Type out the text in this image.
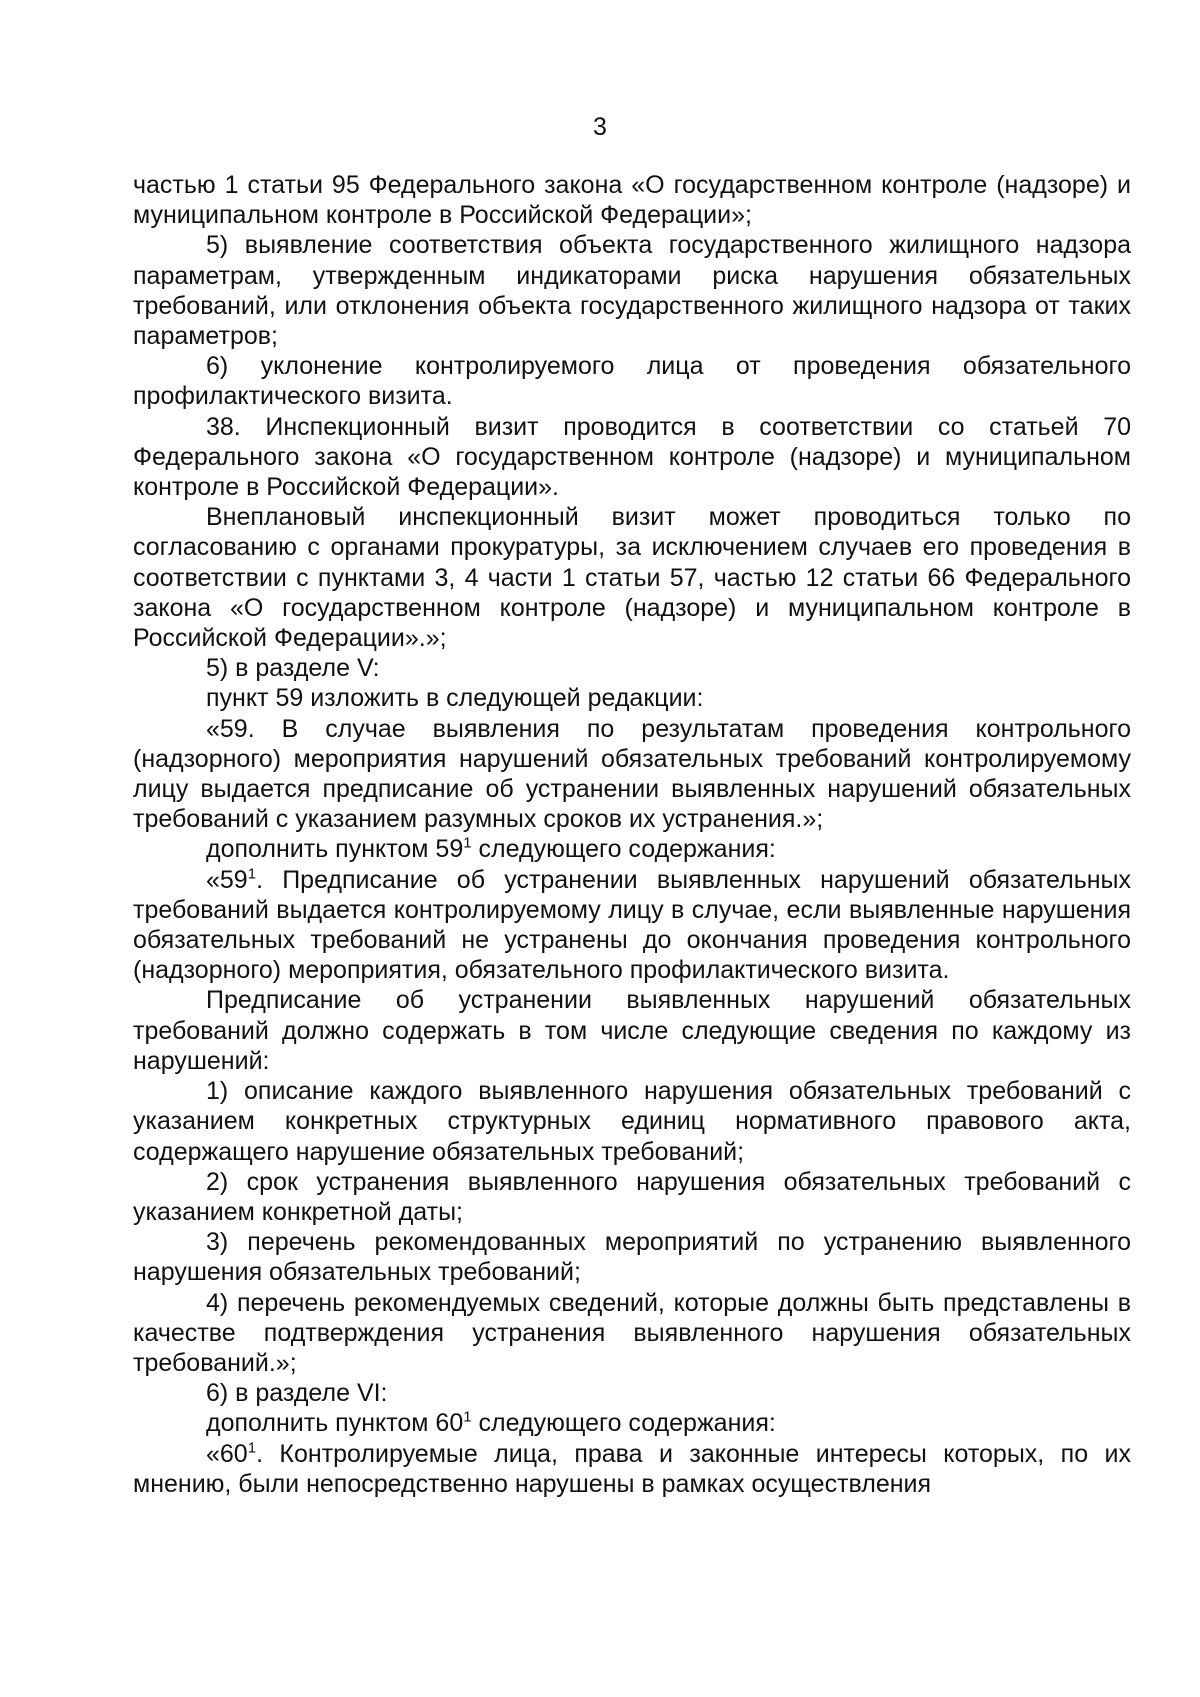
3

частью 1 статьи 95 Федерального закона «О государственном контроле (надзоре) и муниципальном контроле в Российской Федерации»;

5) выявление соответствия объекта государственного жилищного надзора параметрам, утвержденным индикаторами риска нарушения обязательных требований, или отклонения объекта государственного жилищного надзора от таких параметров;

6) уклонение контролируемого лица от проведения обязательного профилактического визита.

38. Инспекционный визит проводится в соответствии со статьей 70 Федерального закона «О государственном контроле (надзоре) и муниципальном контроле в Российской Федерации».

Внеплановый инспекционный визит может проводиться только по согласованию с органами прокуратуры, за исключением случаев его проведения в соответствии с пунктами 3, 4 части 1 статьи 57, частью 12 статьи 66 Федерального закона «О государственном контроле (надзоре) и муниципальном контроле в Российской Федерации».»;

5) в разделе V:

пункт 59 изложить в следующей редакции:

«59. В случае выявления по результатам проведения контрольного (надзорного) мероприятия нарушений обязательных требований контролируемому лицу выдается предписание об устранении выявленных нарушений обязательных требований с указанием разумных сроков их устранения.»;

дополнить пунктом $59^1$ следующего содержания:

«$59^1$. Предписание об устранении выявленных нарушений обязательных требований выдается контролируемому лицу в случае, если выявленные нарушения обязательных требований не устранены до окончания проведения контрольного (надзорного) мероприятия, обязательного профилактического визита.

Предписание об устранении выявленных нарушений обязательных требований должно содержать в том числе следующие сведения по каждому из нарушений:

1) описание каждого выявленного нарушения обязательных требований с указанием конкретных структурных единиц нормативного правового акта, содержащего нарушение обязательных требований;

2) срок устранения выявленного нарушения обязательных требований с указанием конкретной даты;

3) перечень рекомендованных мероприятий по устранению выявленного нарушения обязательных требований;

4) перечень рекомендуемых сведений, которые должны быть представлены в качестве подтверждения устранения выявленного нарушения обязательных требований.»;

6) в разделе VI:

дополнить пунктом $60^1$ следующего содержания:

«$60^1$. Контролируемые лица, права и законные интересы которых, по их мнению, были непосредственно нарушены в рамках осуществления
